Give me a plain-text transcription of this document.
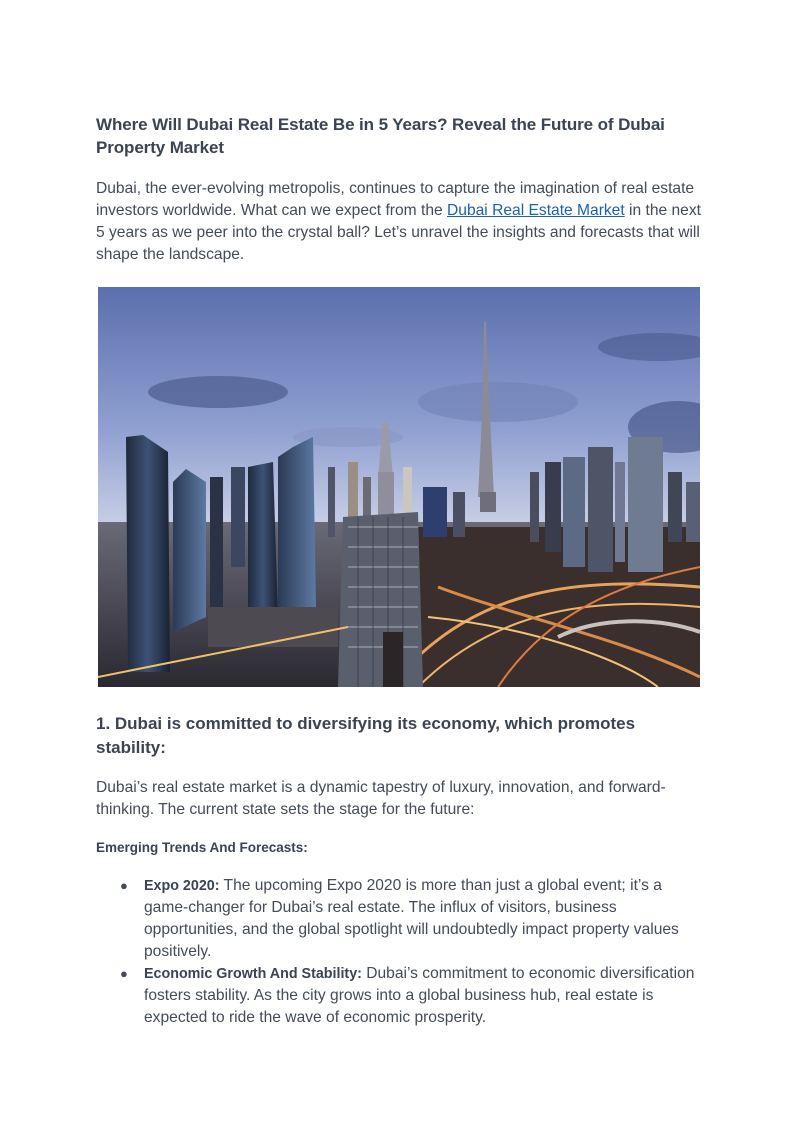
Where Will Dubai Real Estate Be in 5 Years? Reveal the Future of Dubai Property Market

Dubai, the ever-evolving metropolis, continues to capture the imagination of real estate investors worldwide. What can we expect from the Dubai Real Estate Market in the next 5 years as we peer into the crystal ball? Let’s unravel the insights and forecasts that will shape the landscape.

1. Dubai is committed to diversifying its economy, which promotes stability:

Dubai’s real estate market is a dynamic tapestry of luxury, innovation, and forward-thinking. The current state sets the stage for the future:

Emerging Trends And Forecasts:
● Expo 2020: The upcoming Expo 2020 is more than just a global event; it’s a game-changer for Dubai’s real estate. The influx of visitors, business opportunities, and the global spotlight will undoubtedly impact property values positively.
● Economic Growth And Stability: Dubai’s commitment to economic diversification fosters stability. As the city grows into a global business hub, real estate is expected to ride the wave of economic prosperity.
